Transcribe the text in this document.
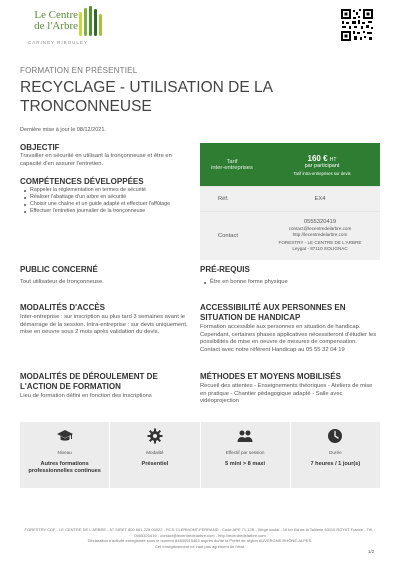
Le Centre
de l'Arbre
CARINEY RIBOULEY
FORMATION EN PRÉSENTIEL
RECYCLAGE - UTILISATION DE LA TRONCONNEUSE
Dernière mise à jour le 08/12/2021.
OBJECTIF
Travailler en sécurité en utilisant la tronçonneuse et être en capacité d'en assurer l'entretien.
COMPÉTENCES DÉVELOPPÉES
Rappeler la réglementation en termes de sécurité
Réaliser l'abattage d'un arbre en sécurité
Choisir une chaîne et un guide adapté et effectuer l'affûtage
Effectuer l'entretien journalier de la tronçonneuse
Tarif
inter-entreprises
160 € HT
par participant
Tarif intra-entreprises sur devis
Réf.	EX4
Contact
0555320419
contact@lecentredelarbre.com
http://lecentredelarbre.com
FORESTRY - LE CENTRE DE L'ARBRE
Leygat - 87110 SOLIGNAC
PUBLIC CONCERNÉ
Tout utilisateur de tronçonneuse.
PRÉ-REQUIS
Être en bonne forme physique
MODALITÉS D'ACCÈS
Inter-entreprise : sur inscription au plus tard 3 semaines avant le démarrage de la session. Intra-entreprise : sur devis uniquement, mise en oeuvre sous 2 mois après validation du devis.
ACCESSIBILITÉ AUX PERSONNES EN SITUATION DE HANDICAP
Formation accessible aux personnes en situation de handicap. Cependant, certaines phases applicatives nécessiteront d'étudier les possibilités de mise en oeuvre de mesures de compensation. Contact avec notre référent Handicap au 05 55 32 04 19
MODALITÉS DE DÉROULEMENT DE L'ACTION DE FORMATION
Lieu de formation défini en fonction des inscriptions
MÉTHODES ET MOYENS MOBILISÉS
Recueil des attentes - Enseignements théoriques - Ateliers de mise en pratique - Chantier pédagogique adapté - Salle avec vidéoprojection
Niveau
Autres formations professionnelles continues
Modalité
Présentiel
Effectif par session
5 mini > 8 maxi
Durée
7 heures / 1 jour(s)
FORESTRY CDF - LE CENTRE DE L'ARBRE - N° SIRET 800 661 225 00022 - RCS CLERMONT-FERRAND - Code APE 71.12B - Siège social : 16 ter Bd de la Taillerie 63110 ROYAT France - Tél. : 0555320419 - contact@lecentredelarbre.com - http://lecentredelarbre.com
Déclaration d'activité enregistrée sous le numéro 84630515463 auprès du/de la Préfet de région AUVERGNE-RHÔNE-ALPES.
Cet enregistrement ne vaut pas agrément de l'état.
1/2
